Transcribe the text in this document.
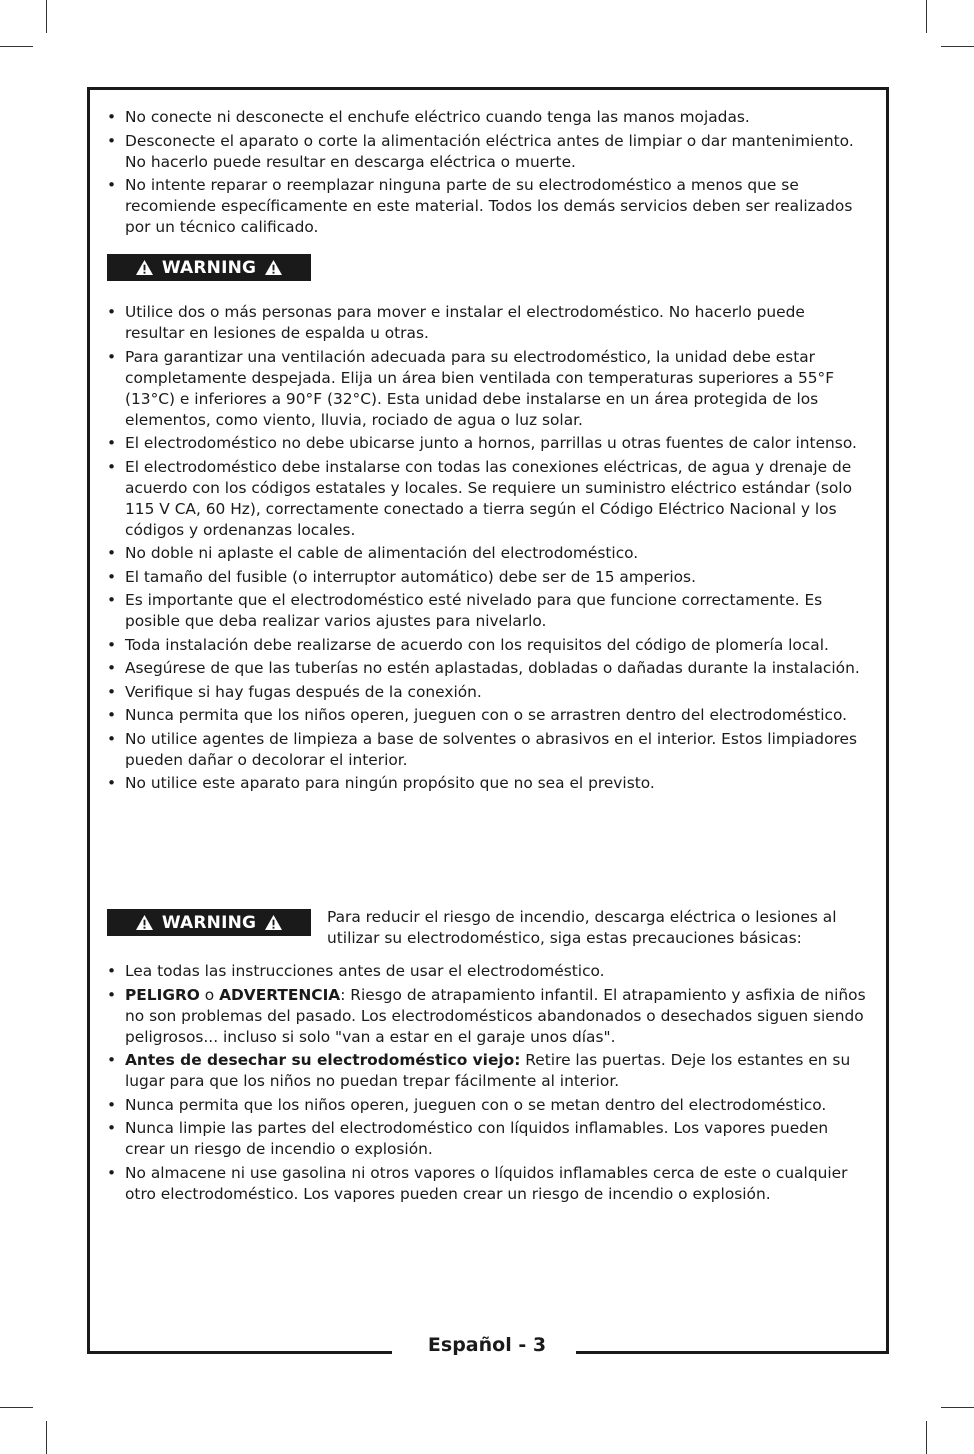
• No conecte ni desconecte el enchufe eléctrico cuando tenga las manos mojadas.
• Desconecte el aparato o corte la alimentación eléctrica antes de limpiar o dar mantenimiento. No hacerlo puede resultar en descarga eléctrica o muerte.
• No intente reparar o reemplazar ninguna parte de su electrodoméstico a menos que se recomiende específicamente en este material. Todos los demás servicios deben ser realizados por un técnico calificado.
WARNING
• Utilice dos o más personas para mover e instalar el electrodoméstico. No hacerlo puede resultar en lesiones de espalda u otras.
• Para garantizar una ventilación adecuada para su electrodoméstico, la unidad debe estar completamente despejada. Elija un área bien ventilada con temperaturas superiores a 55°F (13°C) e inferiores a 90°F (32°C). Esta unidad debe instalarse en un área protegida de los elementos, como viento, lluvia, rociado de agua o luz solar.
• El electrodoméstico no debe ubicarse junto a hornos, parrillas u otras fuentes de calor intenso.
• El electrodoméstico debe instalarse con todas las conexiones eléctricas, de agua y drenaje de acuerdo con los códigos estatales y locales. Se requiere un suministro eléctrico estándar (solo 115 V CA, 60 Hz), correctamente conectado a tierra según el Código Eléctrico Nacional y los códigos y ordenanzas locales.
• No doble ni aplaste el cable de alimentación del electrodoméstico.
• El tamaño del fusible (o interruptor automático) debe ser de 15 amperios.
• Es importante que el electrodoméstico esté nivelado para que funcione correctamente. Es posible que deba realizar varios ajustes para nivelarlo.
• Toda instalación debe realizarse de acuerdo con los requisitos del código de plomería local.
• Asegúrese de que las tuberías no estén aplastadas, dobladas o dañadas durante la instalación.
• Verifique si hay fugas después de la conexión.
• Nunca permita que los niños operen, jueguen con o se arrastren dentro del electrodoméstico.
• No utilice agentes de limpieza a base de solventes o abrasivos en el interior. Estos limpiadores pueden dañar o decolorar el interior.
• No utilice este aparato para ningún propósito que no sea el previsto.
WARNING	Para reducir el riesgo de incendio, descarga eléctrica o lesiones al utilizar su electrodoméstico, siga estas precauciones básicas:
• Lea todas las instrucciones antes de usar el electrodoméstico.
• PELIGRO o ADVERTENCIA: Riesgo de atrapamiento infantil. El atrapamiento y asfixia de niños no son problemas del pasado. Los electrodomésticos abandonados o desechados siguen siendo peligrosos... incluso si solo "van a estar en el garaje unos días".
• Antes de desechar su electrodoméstico viejo: Retire las puertas. Deje los estantes en su lugar para que los niños no puedan trepar fácilmente al interior.
• Nunca permita que los niños operen, jueguen con o se metan dentro del electrodoméstico.
• Nunca limpie las partes del electrodoméstico con líquidos inflamables. Los vapores pueden crear un riesgo de incendio o explosión.
• No almacene ni use gasolina ni otros vapores o líquidos inflamables cerca de este o cualquier otro electrodoméstico. Los vapores pueden crear un riesgo de incendio o explosión.
Español - 3
